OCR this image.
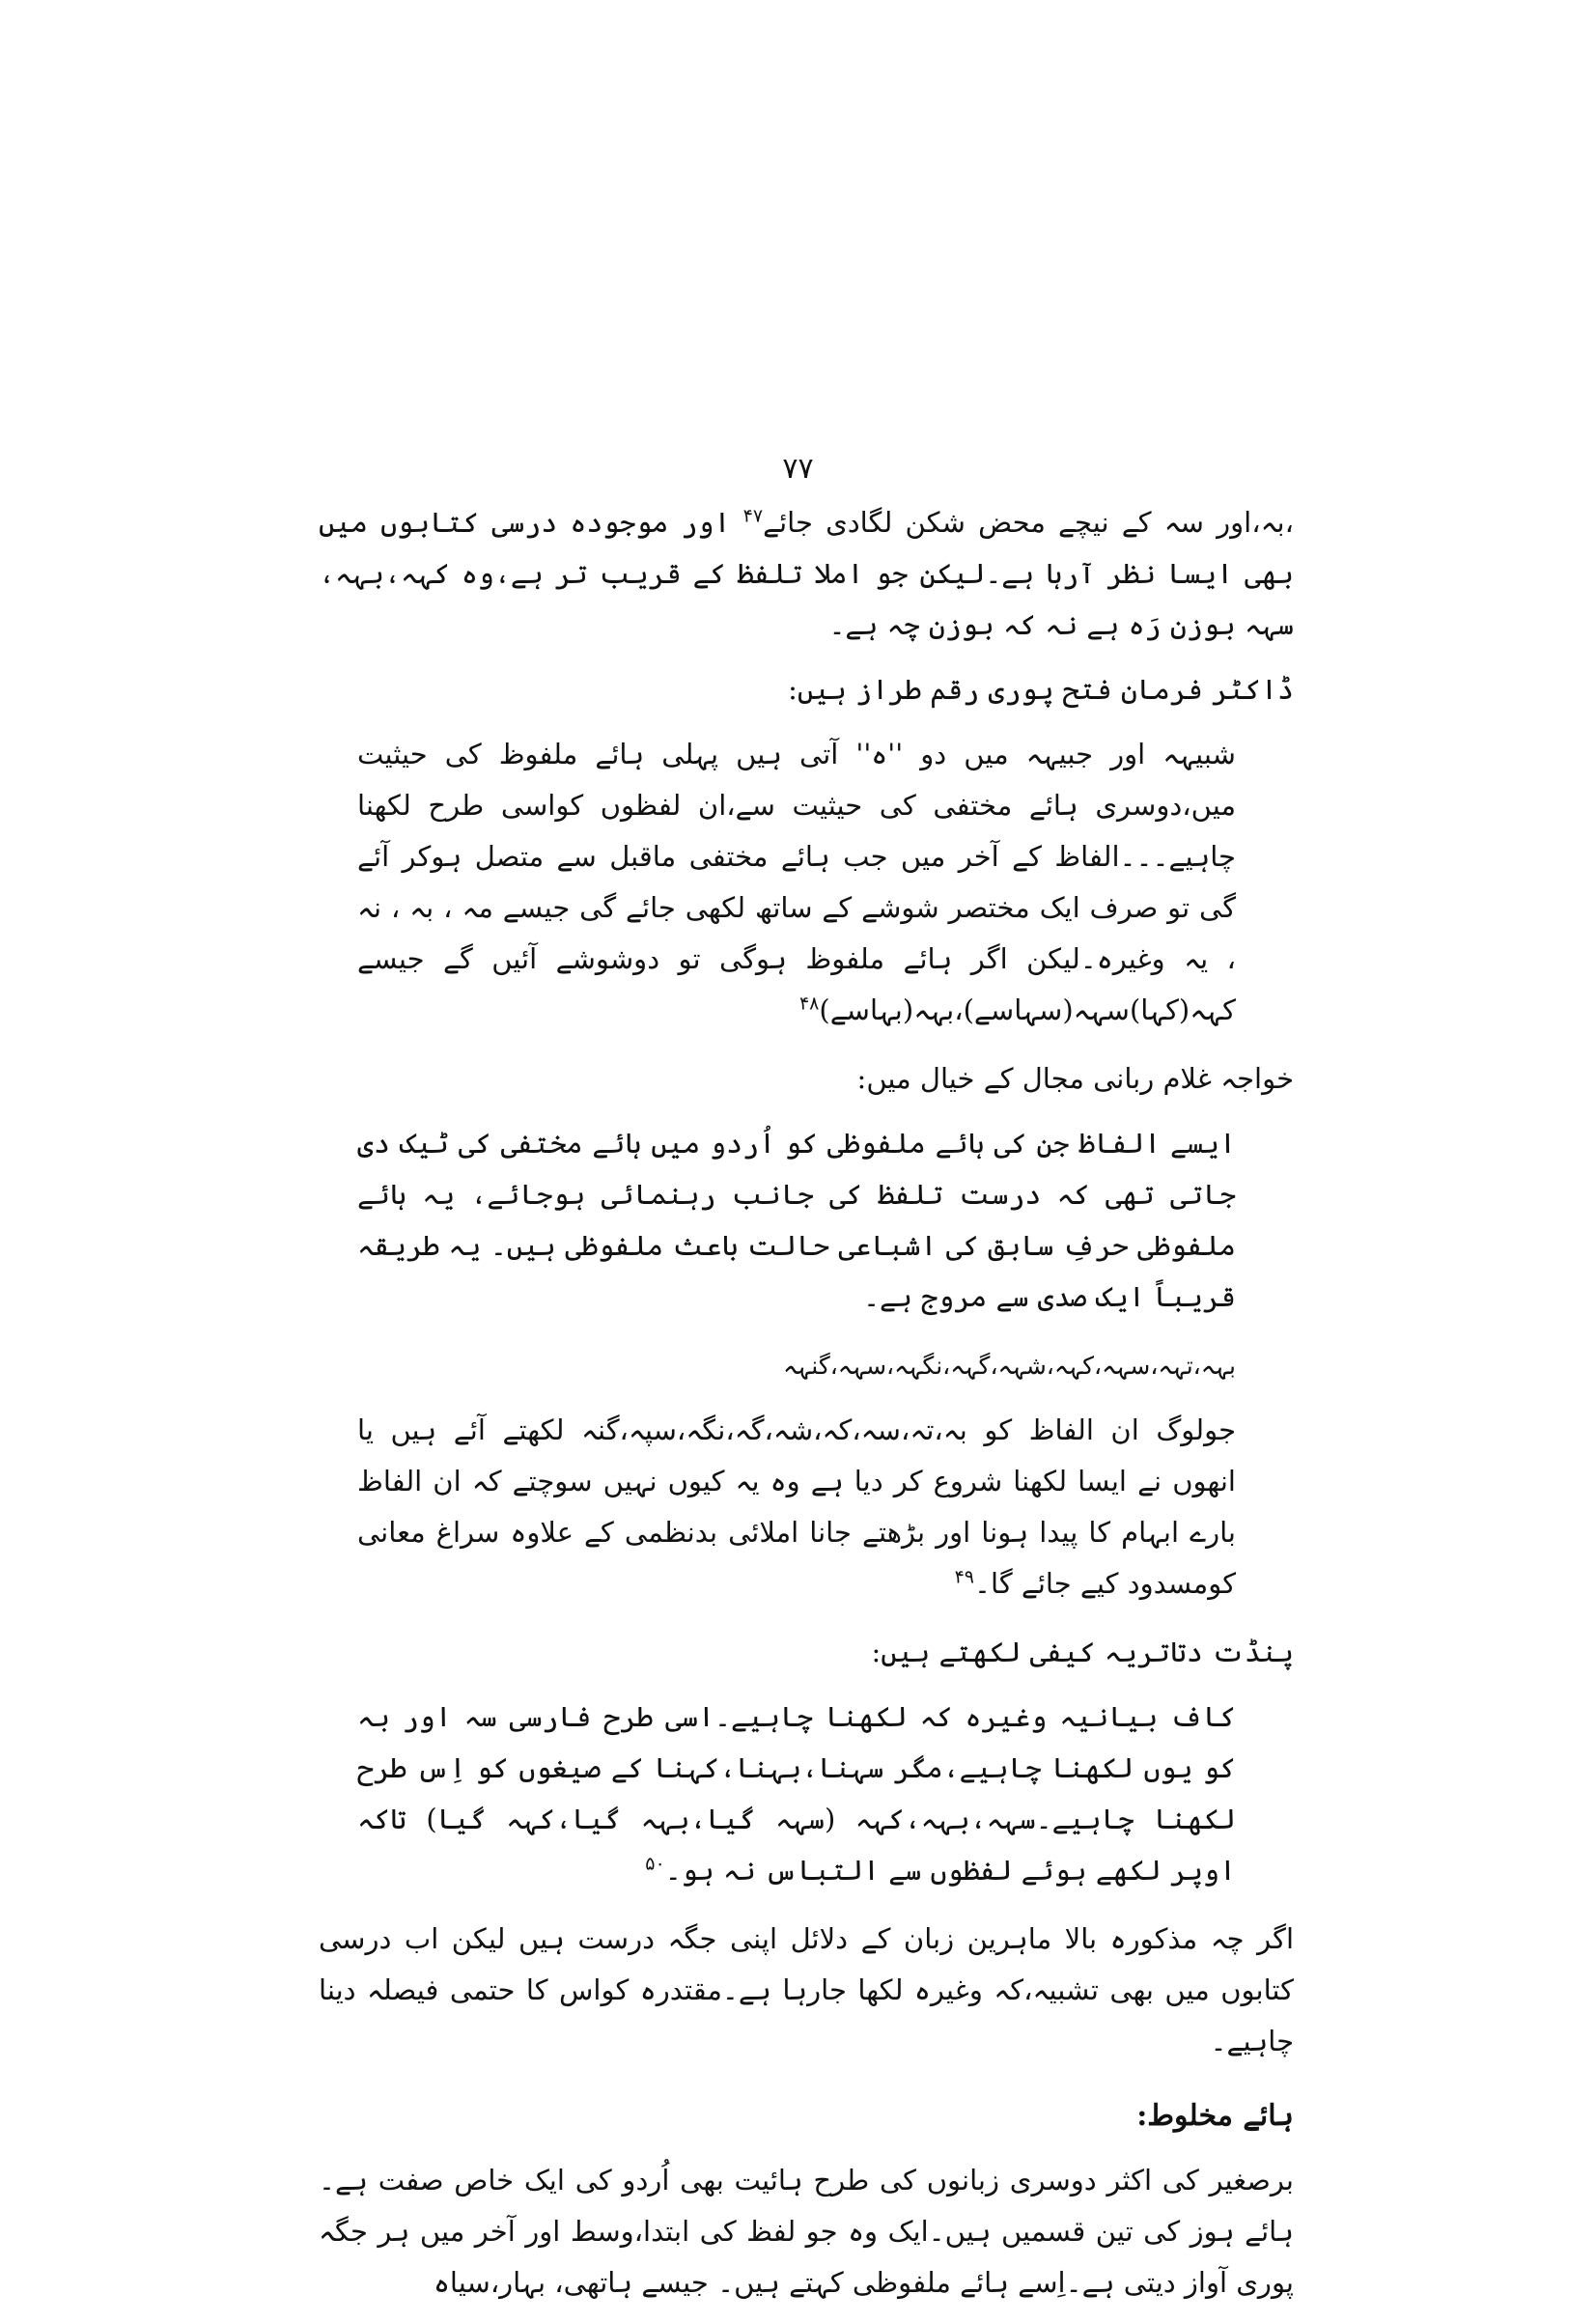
۷۷

،بہ،اور سہ کے نیچے محض شکن لگادی جائے$^{۴۷}$ اور موجودہ درسی کتابوں میں بھی ایسا نظر آرہا ہے۔لیکن جو املا تلفظ کے قریب تر ہے،وہ کہہ،بہہ، سہہ بوزن رَہ ہے نہ کہ بوزن چہ ہے۔

ڈاکٹر فرمان فتح پوری رقم طراز ہیں:

شبیہہ اور جبیہہ میں دو ''ہ'' آتی ہیں پہلی ہائے ملفوظ کی حیثیت میں،دوسری ہائے مختفی کی حیثیت سے،ان لفظوں کواسی طرح لکھنا چاہیے۔۔۔الفاظ کے آخر میں جب ہائے مختفی ماقبل سے متصل ہوکر آئے گی تو صرف ایک مختصر شوشے کے ساتھ لکھی جائے گی جیسے مہ ، بہ ، نہ ، یہ وغیرہ۔لیکن اگر ہائے ملفوظ ہوگی تو دوشوشے آئیں گے جیسے کہہ(کہا)سہہ(سہاسے)،بہہ(بہاسے)$^{۴۸}$

خواجہ غلام ربانی مجال کے خیال میں:

ایسے الفاظ جن کی ہائے ملفوظی کو اُردو میں ہائے مختفی کی ٹیک دی جاتی تھی کہ درست تلفظ کی جانب رہنمائی ہوجائے، یہ ہائے ملفوظی حرفِ سابق کی اشباعی حالت باعث ملفوظی ہیں۔ یہ طریقہ قریباً ایک صدی سے مروج ہے۔

بہہ،تہہ،سہہ،کہہ،شہہ،گہہ،نگہہ،سہہ،گنہہ

جولوگ ان الفاظ کو بہ،تہ،سہ،کہ،شہ،گہ،نگہ،سپہ،گنہ لکھتے آئے ہیں یا انھوں نے ایسا لکھنا شروع کر دیا ہے وہ یہ کیوں نہیں سوچتے کہ ان الفاظ بارے ابہام کا پیدا ہونا اور بڑھتے جانا املائی بدنظمی کے علاوہ سراغ معانی کومسدود کیے جائے گا۔$^{۴۹}$

پنڈت دتاتریہ کیفی لکھتے ہیں:

کاف بیانیہ وغیرہ کہ لکھنا چاہیے۔اسی طرح فارسی سہ اور بہ کو یوں لکھنا چاہیے،مگر سہنا،بہنا،کہنا کے صیغوں کو اِس طرح لکھنا چاہیے۔سہہ،بہہ،کہہ (سہہ گیا،بہہ گیا،کہہ گیا) تاکہ اوپر لکھے ہوئے لفظوں سے التباس نہ ہو۔$^{۵۰}$

اگر چہ مذکورہ بالا ماہرین زبان کے دلائل اپنی جگہ درست ہیں لیکن اب درسی کتابوں میں بھی تشبیہ،کہ وغیرہ لکھا جارہا ہے۔مقتدرہ کواس کا حتمی فیصلہ دینا چاہیے۔

ہائے مخلوط:

برصغیر کی اکثر دوسری زبانوں کی طرح ہائیت بھی اُردو کی ایک خاص صفت ہے۔ہائے ہوز کی تین قسمیں ہیں۔ایک وہ جو لفظ کی ابتدا،وسط اور آخر میں ہر جگہ پوری آواز دیتی ہے۔اِسے ہائے ملفوظی کہتے ہیں۔ جیسے ہاتھی، بہار،سیاہ
